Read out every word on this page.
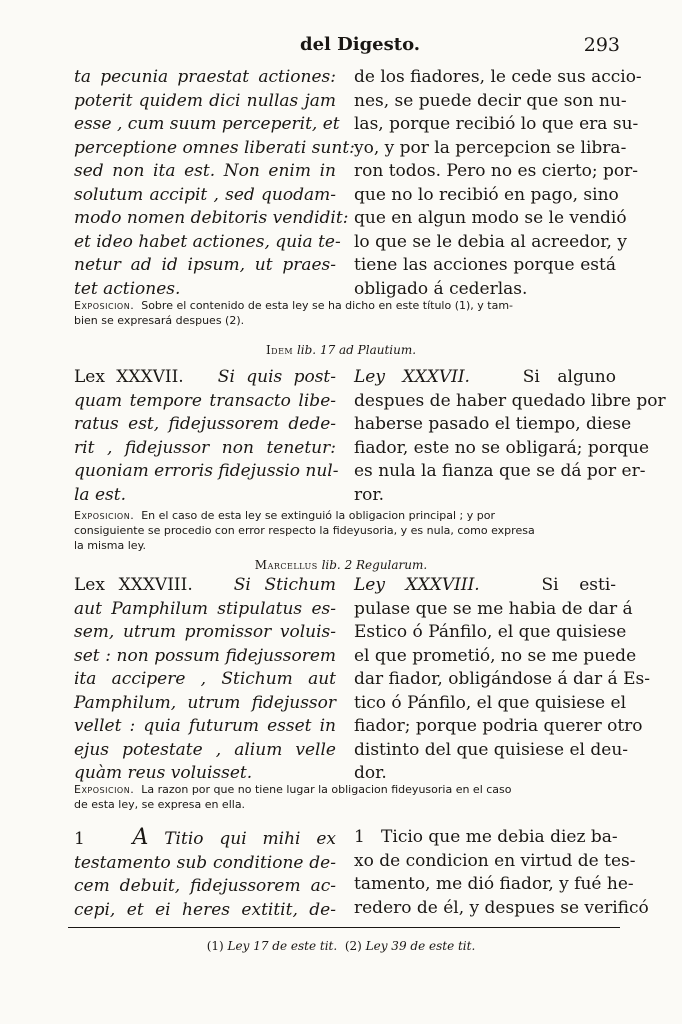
del Digesto.	293
ta pecunia praestat actiones:
poterit quidem dici nullas jam
esse , cum suum perceperit, et
perceptione omnes liberati sunt:
sed non ita est. Non enim in
solutum accipit , sed quodam-
modo nomen debitoris vendidit:
et ideo habet actiones, quia te-
netur ad id ipsum, ut praes-
tet actiones.
de los fiadores, le cede sus accio-
nes, se puede decir que son nu-
las, porque recibió lo que era su-
yo, y por la percepcion se libra-
ron todos. Pero no es cierto; por-
que no lo recibió en pago, sino
que en algun modo se le vendió
lo que se le debia al acreedor, y
tiene las acciones porque está
obligado á cederlas.
Exposicion. Sobre el contenido de esta ley se ha dicho en este título (1), y tam-
bien se expresará despues (2).
Idem lib. 17 ad Plautium.
Lex XXXVII. Si quis post-
quam tempore transacto libe-
ratus est, fidejussorem dede-
rit , fidejussor non tenetur:
quoniam erroris fidejussio nul-
la est.
Ley XXXVII.	Si alguno
despues de haber quedado libre por
haberse pasado el tiempo, diese
fiador, este no se obligará; porque
es nula la fianza que se dá por er-
ror.
Exposicion. En el caso de esta ley se extinguió la obligacion principal ; y por
consiguiente se procedio con error respecto la fideyusoria, y es nula, como expresa
la misma ley.
Marcellus lib. 2 Regularum.
Lex XXXVIII. Si Stichum
aut Pamphilum stipulatus es-
sem, utrum promissor voluis-
set : non possum fidejussorem
ita accipere , Stichum aut
Pamphilum, utrum fidejussor
vellet : quia futurum esset in
ejus potestate , alium velle
quàm reus voluisset.
Ley XXXVIII.	Si esti-
pulase que se me habia de dar á
Estico ó Pánfilo, el que quisiese
el que prometió, no se me puede
dar fiador, obligándose á dar á Es-
tico ó Pánfilo, el que quisiese el
fiador; porque podria querer otro
distinto del que quisiese el deu-
dor.
Exposicion. La razon por que no tiene lugar la obligacion fideyusoria en el caso
de esta ley, se expresa en ella.
1 A Titio qui mihi ex
testamento sub conditione de-
cem debuit, fidejussorem ac-
cepi, et ei heres extitit, de-
1 Ticio que me debia diez ba-
xo de condicion en virtud de tes-
tamento, me dió fiador, y fué he-
redero de él, y despues se verificó
(1) Ley 17 de este tit. (2) Ley 39 de este tit.
